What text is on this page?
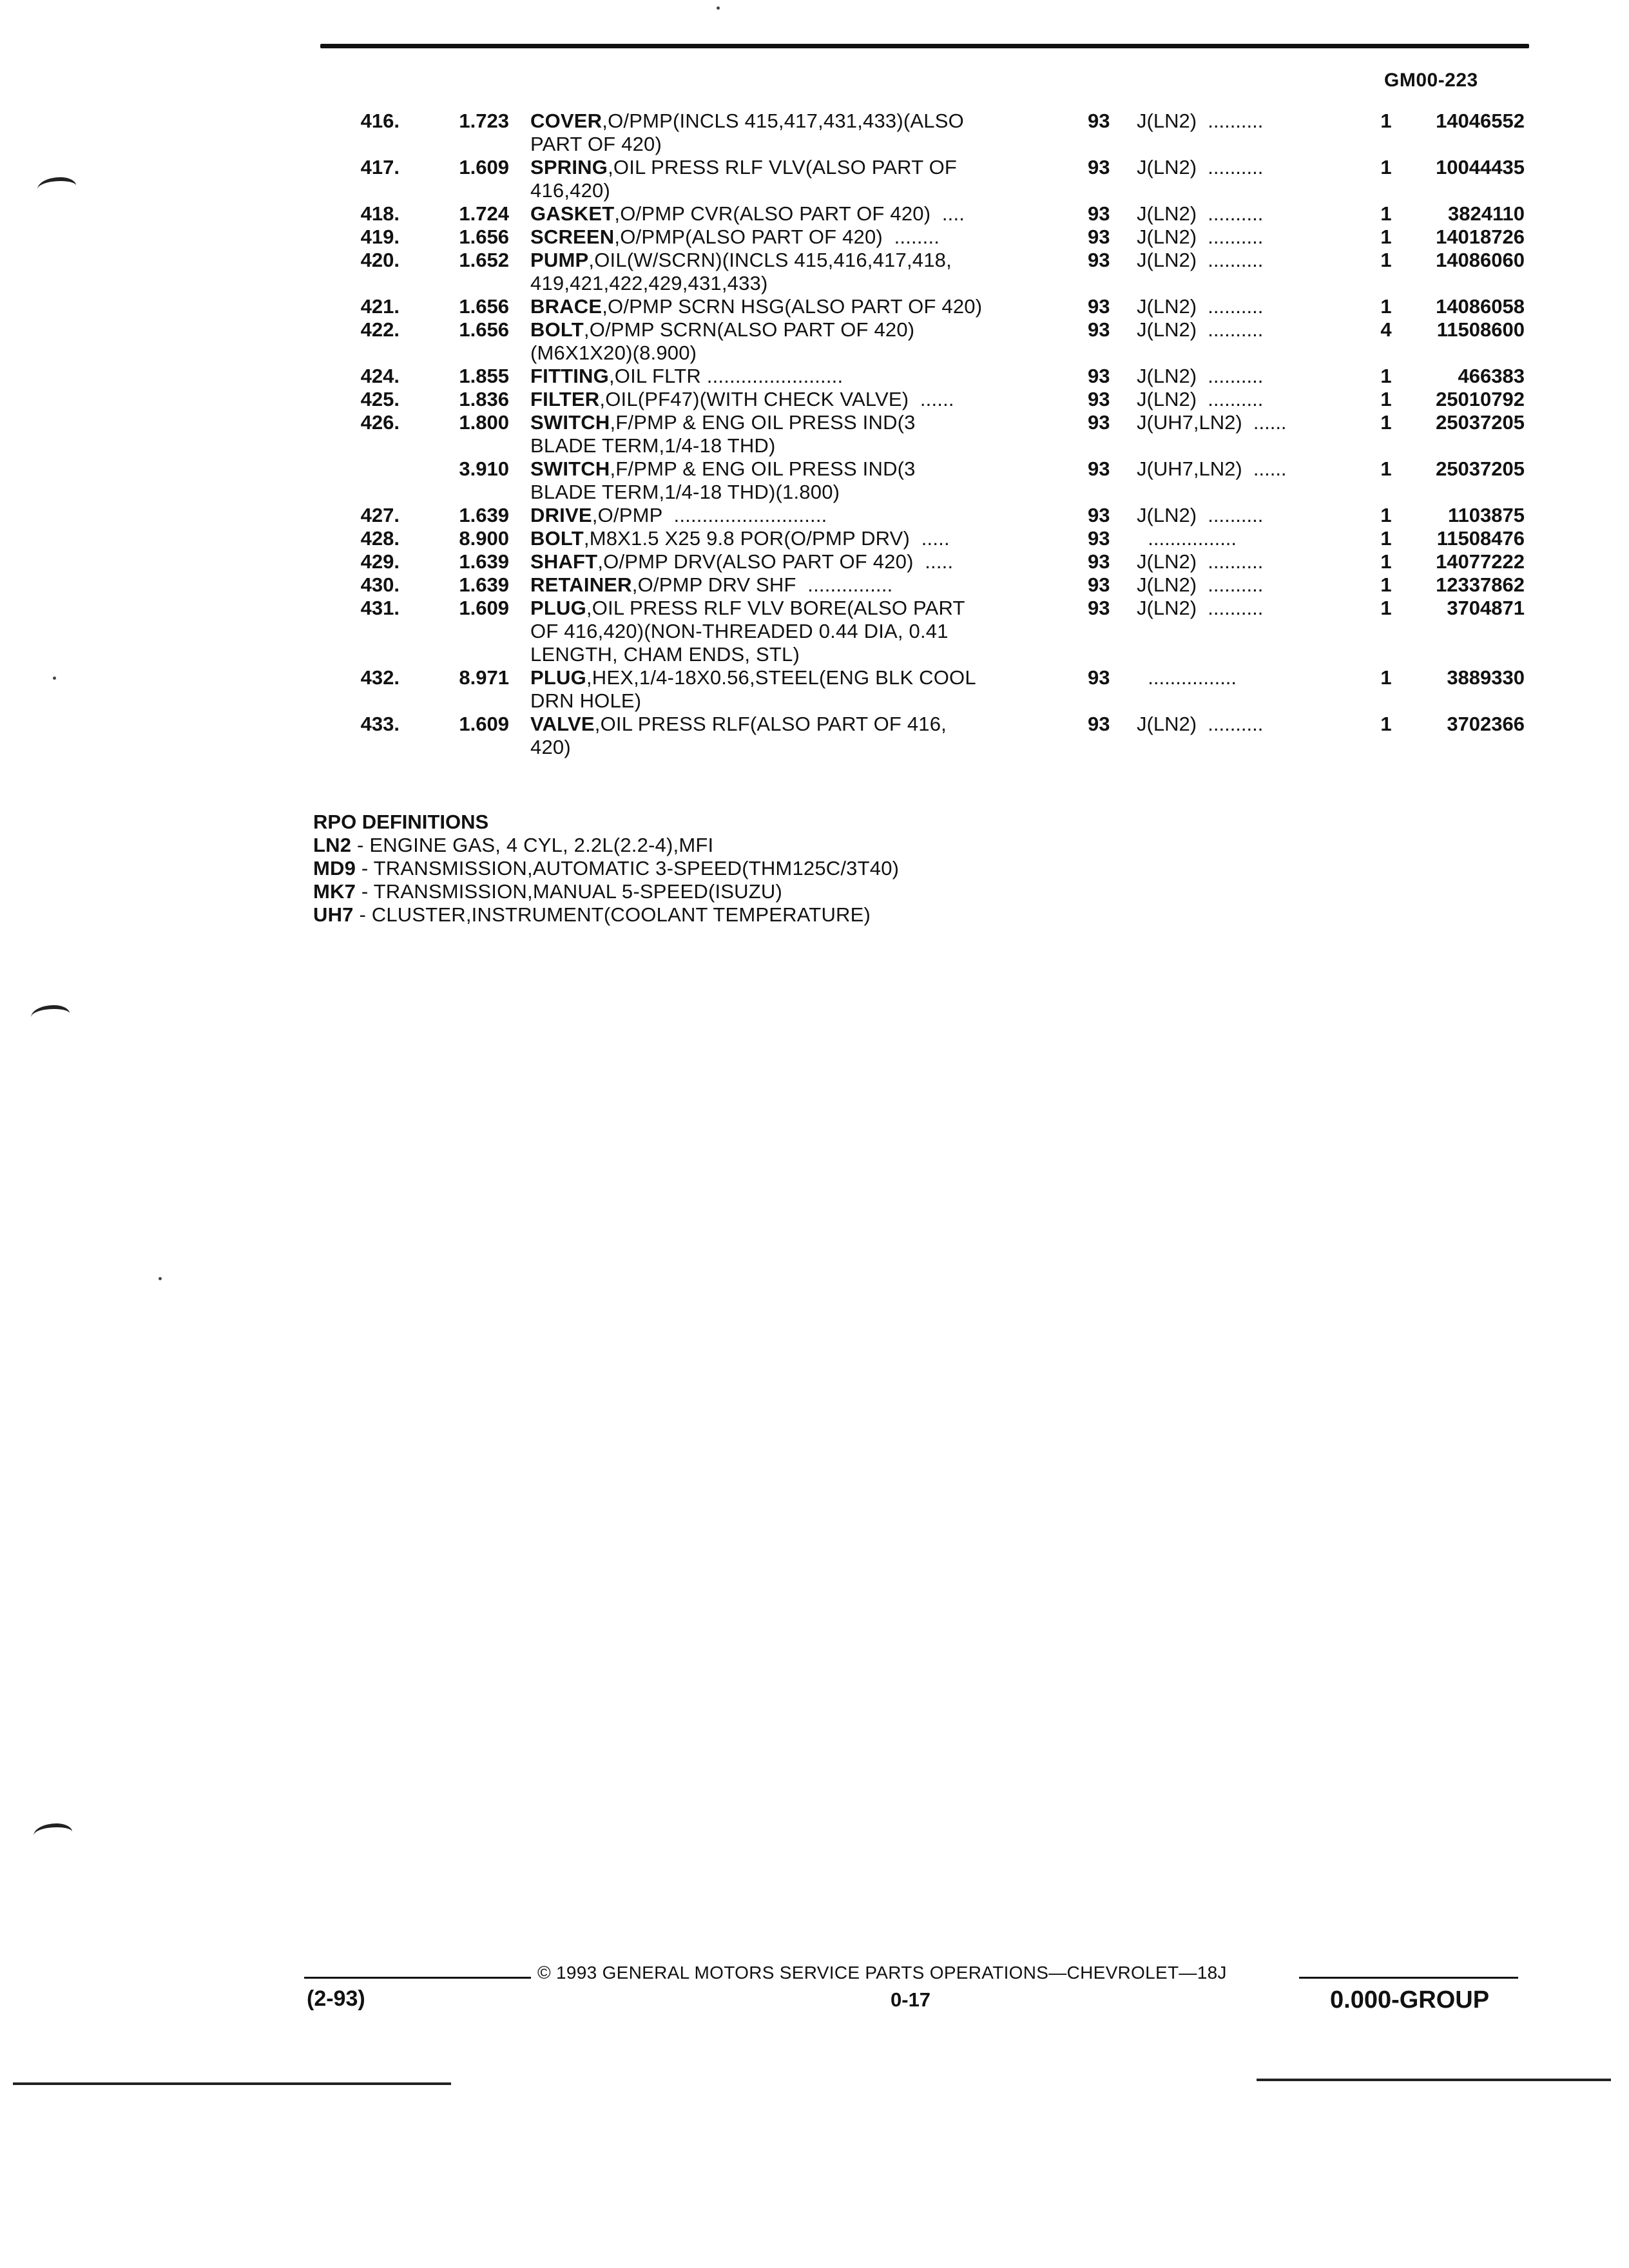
GM00-223
416.	1.723	93	J(LN2)  ..........	1	14046552
COVER,O/PMP(INCLS 415,417,431,433)(ALSO
PART OF 420)
417.	1.609	93	J(LN2)  ..........	1	10044435
SPRING,OIL PRESS RLF VLV(ALSO PART OF
416,420)
418.	1.724	93	J(LN2)  ..........	1	3824110
GASKET,O/PMP CVR(ALSO PART OF 420)  ....
419.	1.656	93	J(LN2)  ..........	1	14018726
SCREEN,O/PMP(ALSO PART OF 420)  ........
420.	1.652	93	J(LN2)  ..........	1	14086060
PUMP,OIL(W/SCRN)(INCLS 415,416,417,418,
419,421,422,429,431,433)
421.	1.656	93	J(LN2)  ..........	1	14086058
BRACE,O/PMP SCRN HSG(ALSO PART OF 420)
422.	1.656	93	J(LN2)  ..........	4	11508600
BOLT,O/PMP SCRN(ALSO PART OF 420)
(M6X1X20)(8.900)
424.	1.855	93	J(LN2)  ..........	1	466383
FITTING,OIL FLTR ........................
425.	1.836	93	J(LN2)  ..........	1	25010792
FILTER,OIL(PF47)(WITH CHECK VALVE)  ......
426.	1.800	93	J(UH7,LN2)  ......	1	25037205
SWITCH,F/PMP & ENG OIL PRESS IND(3
BLADE TERM,1/4-18 THD)
3.910	93	J(UH7,LN2)  ......	1	25037205
SWITCH,F/PMP & ENG OIL PRESS IND(3
BLADE TERM,1/4-18 THD)(1.800)
427.	1.639	93	J(LN2)  ..........	1	1103875
DRIVE,O/PMP  ...........................
428.	8.900	93	................	1	11508476
BOLT,M8X1.5 X25 9.8 POR(O/PMP DRV)  .....
429.	1.639	93	J(LN2)  ..........	1	14077222
SHAFT,O/PMP DRV(ALSO PART OF 420)  .....
430.	1.639	93	J(LN2)  ..........	1	12337862
RETAINER,O/PMP DRV SHF  ...............
431.	1.609	93	J(LN2)  ..........	1	3704871
PLUG,OIL PRESS RLF VLV BORE(ALSO PART
OF 416,420)(NON-THREADED 0.44 DIA, 0.41
LENGTH, CHAM ENDS, STL)
432.	8.971	93	................	1	3889330
PLUG,HEX,1/4-18X0.56,STEEL(ENG BLK COOL
DRN HOLE)
433.	1.609	93	J(LN2)  ..........	1	3702366
VALVE,OIL PRESS RLF(ALSO PART OF 416,
420)
RPO DEFINITIONS
LN2 - ENGINE GAS, 4 CYL, 2.2L(2.2-4),MFI
MD9 - TRANSMISSION,AUTOMATIC 3-SPEED(THM125C/3T40)
MK7 - TRANSMISSION,MANUAL 5-SPEED(ISUZU)
UH7 - CLUSTER,INSTRUMENT(COOLANT TEMPERATURE)
© 1993 GENERAL MOTORS SERVICE PARTS OPERATIONS—CHEVROLET—18J
(2-93)	0-17	0.000-GROUP
